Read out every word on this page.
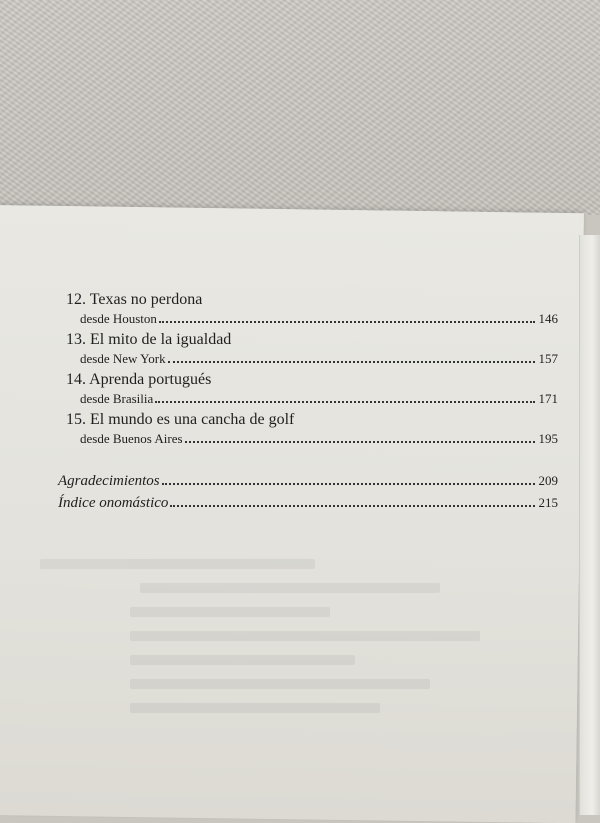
12. Texas no perdona
desde Houston	146
13. El mito de la igualdad
desde New York	157
14. Aprenda portugués
desde Brasilia	171
15. El mundo es una cancha de golf
desde Buenos Aires	195
Agradecimientos	209
Índice onomástico	215
